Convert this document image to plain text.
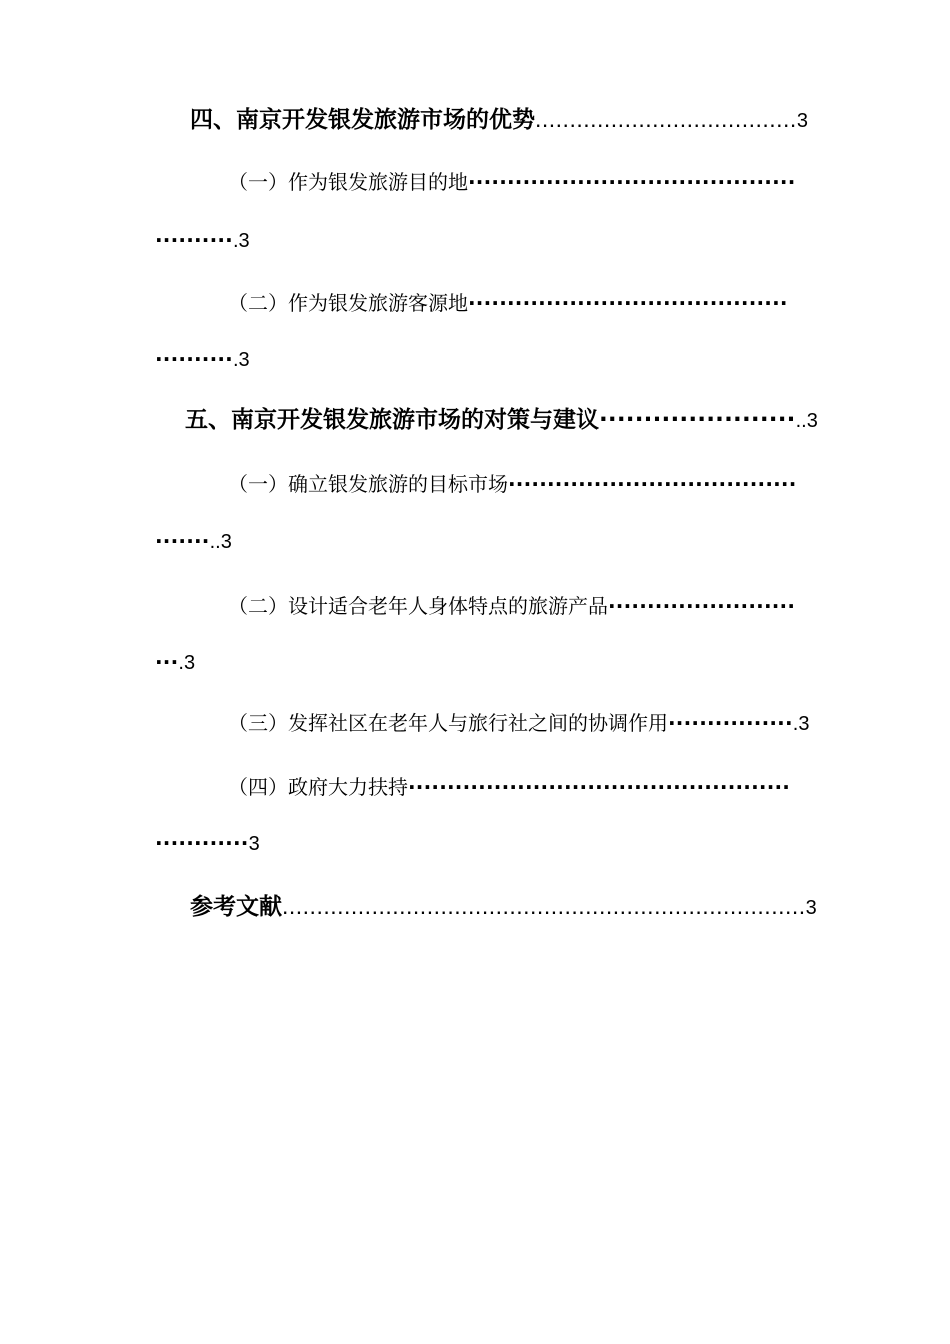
四、南京开发银发旅游市场的优势......................................3
（一）作为银发旅游目的地··········································
··········.3
（二）作为银发旅游客源地·········································
··········.3
五、南京开发银发旅游市场的对策与建议······················..3
（一）确立银发旅游的目标市场·····································
·······..3
（二）设计适合老年人身体特点的旅游产品························
···.3
（三）发挥社区在老年人与旅行社之间的协调作用················.3
（四）政府大力扶持·················································
············3
参考文献............................................................................3
